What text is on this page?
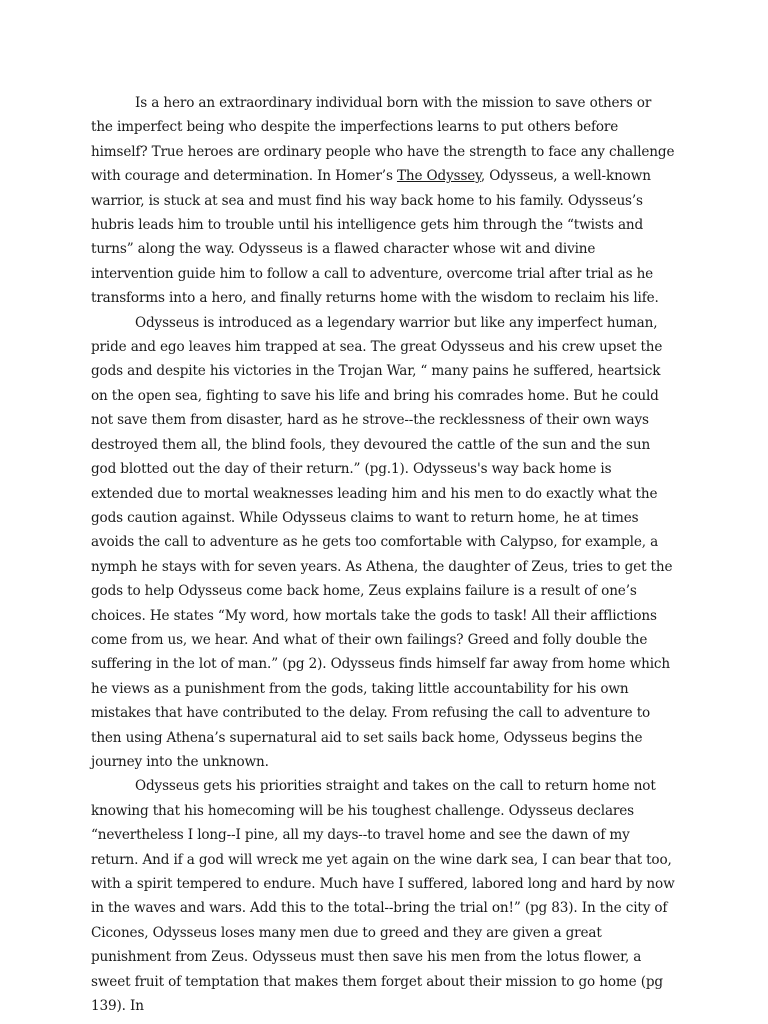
Is a hero an extraordinary individual born with the mission to save others or the imperfect being who despite the imperfections learns to put others before himself? True heroes are ordinary people who have the strength to face any challenge with courage and determination. In Homer’s The Odyssey, Odysseus, a well-known warrior, is stuck at sea and must find his way back home to his family. Odysseus’s hubris leads him to trouble until his intelligence gets him through the “twists and turns” along the way. Odysseus is a flawed character whose wit and divine intervention guide him to follow a call to adventure, overcome trial after trial as he transforms into a hero, and finally returns home with the wisdom to reclaim his life.

Odysseus is introduced as a legendary warrior but like any imperfect human, pride and ego leaves him trapped at sea. The great Odysseus and his crew upset the gods and despite his victories in the Trojan War, “ many pains he suffered, heartsick on the open sea, fighting to save his life and bring his comrades home. But he could not save them from disaster, hard as he strove--the recklessness of their own ways destroyed them all, the blind fools, they devoured the cattle of the sun and the sun god blotted out the day of their return.” (pg.1). Odysseus's way back home is extended due to mortal weaknesses leading him and his men to do exactly what the gods caution against. While Odysseus claims to want to return home, he at times avoids the call to adventure as he gets too comfortable with Calypso, for example, a nymph he stays with for seven years. As Athena, the daughter of Zeus, tries to get the gods to help Odysseus come back home, Zeus explains failure is a result of one’s choices. He states “My word, how mortals take the gods to task! All their afflictions come from us, we hear. And what of their own failings? Greed and folly double the suffering in the lot of man.” (pg 2). Odysseus finds himself far away from home which he views as a punishment from the gods, taking little accountability for his own mistakes that have contributed to the delay. From refusing the call to adventure to then using Athena’s supernatural aid to set sails back home, Odysseus begins the journey into the unknown.

Odysseus gets his priorities straight and takes on the call to return home not knowing that his homecoming will be his toughest challenge. Odysseus declares “nevertheless I long--I pine, all my days--to travel home and see the dawn of my return. And if a god will wreck me yet again on the wine dark sea, I can bear that too, with a spirit tempered to endure. Much have I suffered, labored long and hard by now in the waves and wars. Add this to the total--bring the trial on!” (pg 83). In the city of Cicones, Odysseus loses many men due to greed and they are given a great punishment from Zeus. Odysseus must then save his men from the lotus flower, a sweet fruit of temptation that makes them forget about their mission to go home (pg 139). In
